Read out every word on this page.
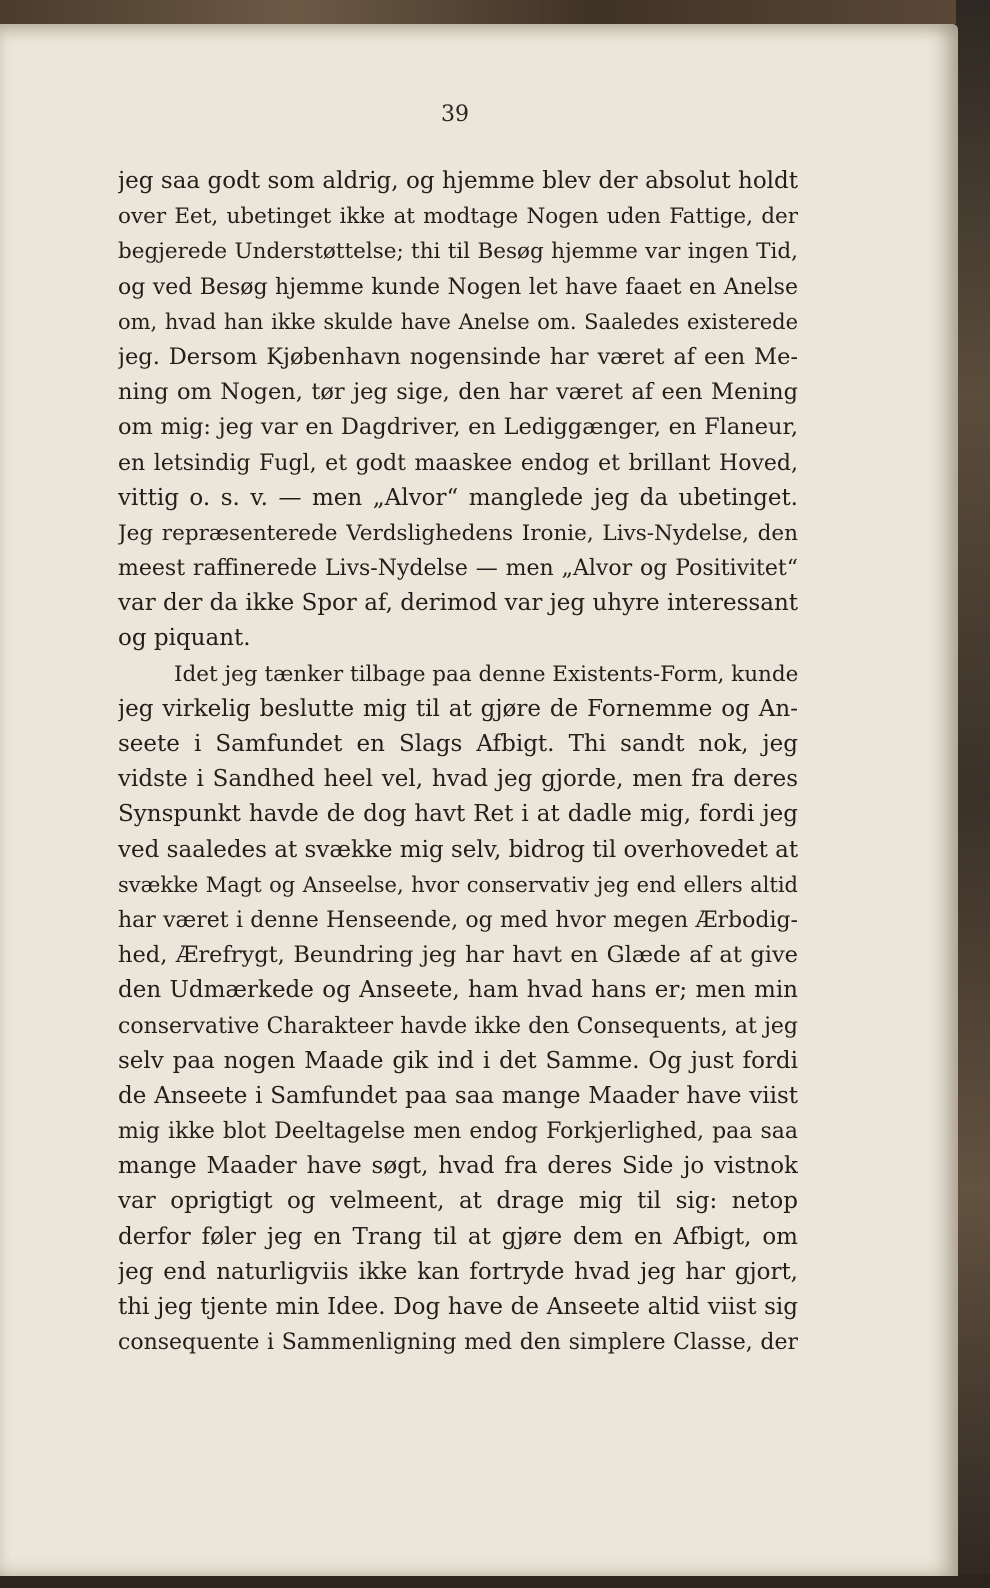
39
jeg saa godt som aldrig, og hjemme blev der absolut holdt
over Eet, ubetinget ikke at modtage Nogen uden Fattige, der
begjerede Understøttelse; thi til Besøg hjemme var ingen Tid,
og ved Besøg hjemme kunde Nogen let have faaet en Anelse
om, hvad han ikke skulde have Anelse om. Saaledes existerede
jeg. Dersom Kjøbenhavn nogensinde har været af een Me-
ning om Nogen, tør jeg sige, den har været af een Mening
om mig: jeg var en Dagdriver, en Lediggænger, en Flaneur,
en letsindig Fugl, et godt maaskee endog et brillant Hoved,
vittig o. s. v. — men „Alvor“ manglede jeg da ubetinget.
Jeg repræsenterede Verdslighedens Ironie, Livs-Nydelse, den
meest raffinerede Livs-Nydelse — men „Alvor og Positivitet“
var der da ikke Spor af, derimod var jeg uhyre interessant
og piquant.
Idet jeg tænker tilbage paa denne Existents-Form, kunde
jeg virkelig beslutte mig til at gjøre de Fornemme og An-
seete i Samfundet en Slags Afbigt. Thi sandt nok, jeg
vidste i Sandhed heel vel, hvad jeg gjorde, men fra deres
Synspunkt havde de dog havt Ret i at dadle mig, fordi jeg
ved saaledes at svække mig selv, bidrog til overhovedet at
svække Magt og Anseelse, hvor conservativ jeg end ellers altid
har været i denne Henseende, og med hvor megen Ærbodig-
hed, Ærefrygt, Beundring jeg har havt en Glæde af at give
den Udmærkede og Anseete, ham hvad hans er; men min
conservative Charakteer havde ikke den Consequents, at jeg
selv paa nogen Maade gik ind i det Samme. Og just fordi
de Anseete i Samfundet paa saa mange Maader have viist
mig ikke blot Deeltagelse men endog Forkjerlighed, paa saa
mange Maader have søgt, hvad fra deres Side jo vistnok
var oprigtigt og velmeent, at drage mig til sig: netop
derfor føler jeg en Trang til at gjøre dem en Afbigt, om
jeg end naturligviis ikke kan fortryde hvad jeg har gjort,
thi jeg tjente min Idee. Dog have de Anseete altid viist sig
consequente i Sammenligning med den simplere Classe, der
